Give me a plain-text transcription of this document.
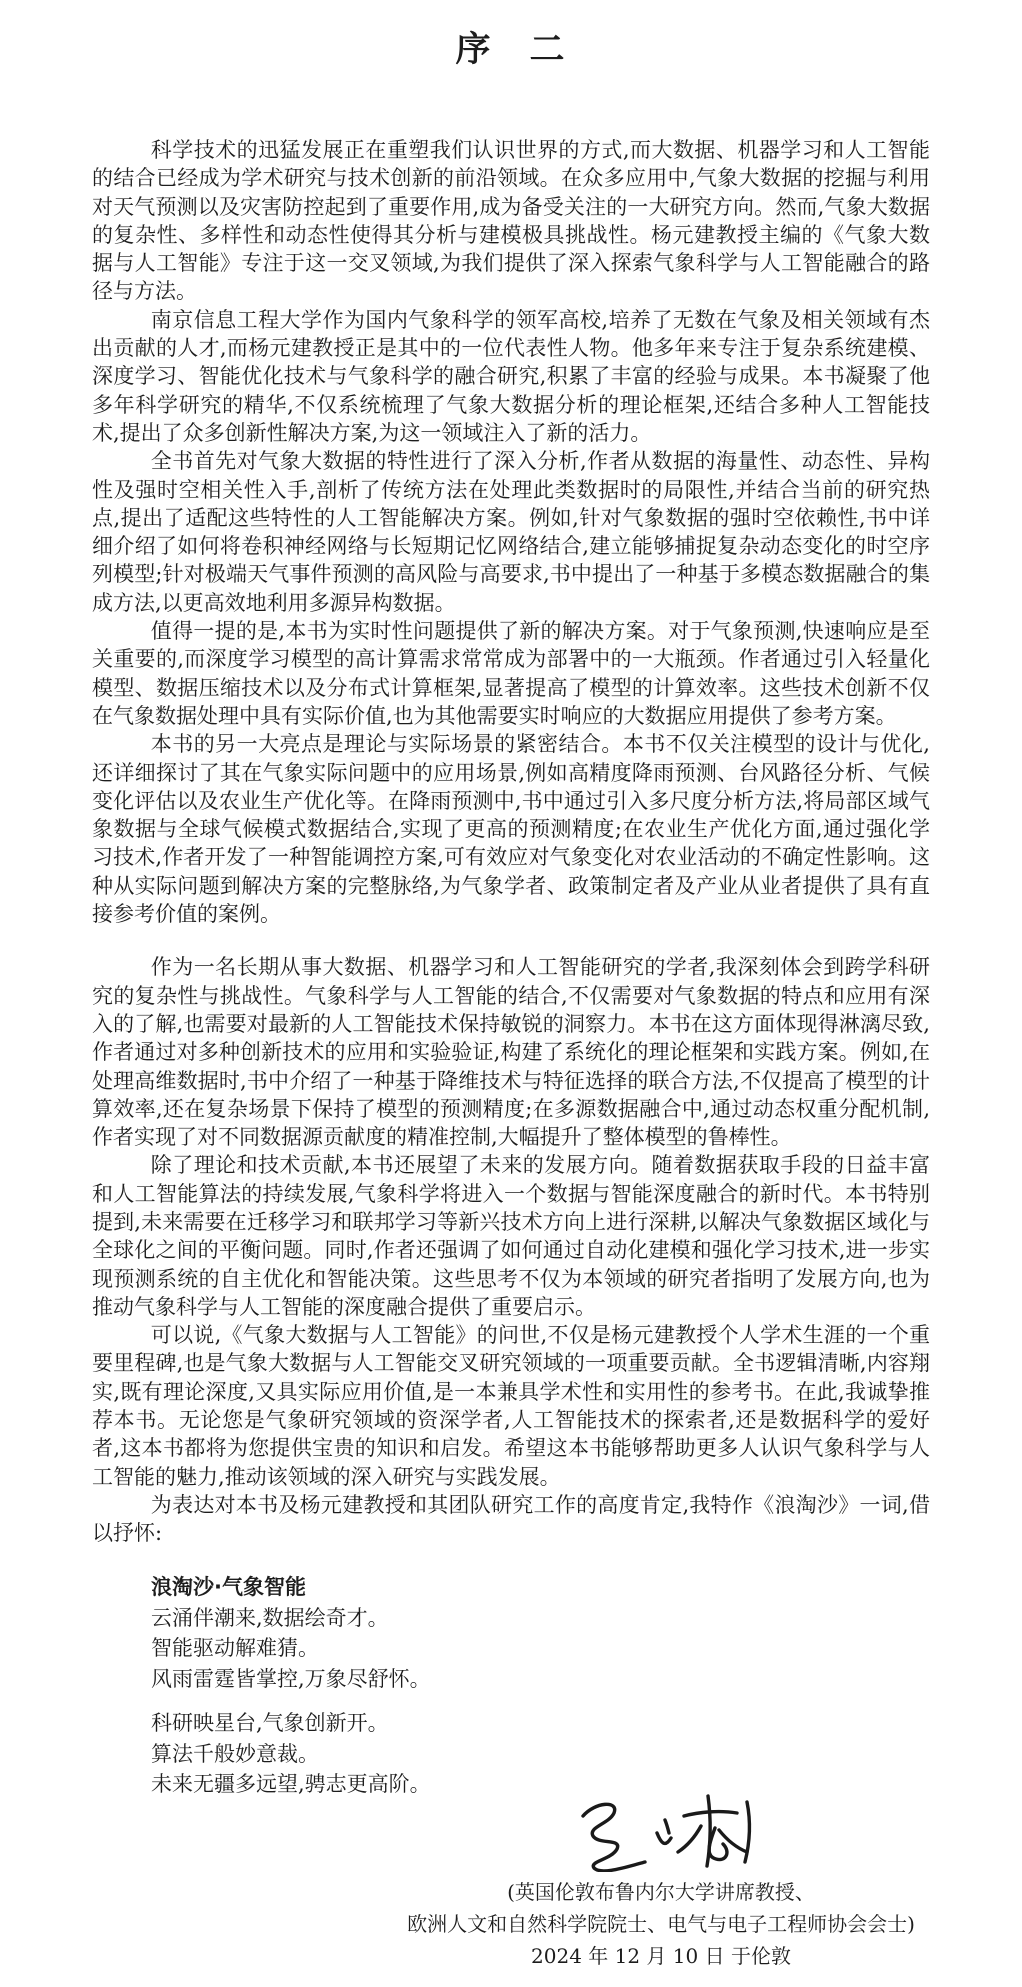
序　二

科学技术的迅猛发展正在重塑我们认识世界的方式,而大数据、机器学习和人工智能的结合已经成为学术研究与技术创新的前沿领域。在众多应用中,气象大数据的挖掘与利用对天气预测以及灾害防控起到了重要作用,成为备受关注的一大研究方向。然而,气象大数据的复杂性、多样性和动态性使得其分析与建模极具挑战性。杨元建教授主编的《气象大数据与人工智能》专注于这一交叉领域,为我们提供了深入探索气象科学与人工智能融合的路径与方法。

南京信息工程大学作为国内气象科学的领军高校,培养了无数在气象及相关领域有杰出贡献的人才,而杨元建教授正是其中的一位代表性人物。他多年来专注于复杂系统建模、深度学习、智能优化技术与气象科学的融合研究,积累了丰富的经验与成果。本书凝聚了他多年科学研究的精华,不仅系统梳理了气象大数据分析的理论框架,还结合多种人工智能技术,提出了众多创新性解决方案,为这一领域注入了新的活力。

全书首先对气象大数据的特性进行了深入分析,作者从数据的海量性、动态性、异构性及强时空相关性入手,剖析了传统方法在处理此类数据时的局限性,并结合当前的研究热点,提出了适配这些特性的人工智能解决方案。例如,针对气象数据的强时空依赖性,书中详细介绍了如何将卷积神经网络与长短期记忆网络结合,建立能够捕捉复杂动态变化的时空序列模型;针对极端天气事件预测的高风险与高要求,书中提出了一种基于多模态数据融合的集成方法,以更高效地利用多源异构数据。

值得一提的是,本书为实时性问题提供了新的解决方案。对于气象预测,快速响应是至关重要的,而深度学习模型的高计算需求常常成为部署中的一大瓶颈。作者通过引入轻量化模型、数据压缩技术以及分布式计算框架,显著提高了模型的计算效率。这些技术创新不仅在气象数据处理中具有实际价值,也为其他需要实时响应的大数据应用提供了参考方案。

本书的另一大亮点是理论与实际场景的紧密结合。本书不仅关注模型的设计与优化,还详细探讨了其在气象实际问题中的应用场景,例如高精度降雨预测、台风路径分析、气候变化评估以及农业生产优化等。在降雨预测中,书中通过引入多尺度分析方法,将局部区域气象数据与全球气候模式数据结合,实现了更高的预测精度;在农业生产优化方面,通过强化学习技术,作者开发了一种智能调控方案,可有效应对气象变化对农业活动的不确定性影响。这种从实际问题到解决方案的完整脉络,为气象学者、政策制定者及产业从业者提供了具有直接参考价值的案例。

作为一名长期从事大数据、机器学习和人工智能研究的学者,我深刻体会到跨学科研究的复杂性与挑战性。气象科学与人工智能的结合,不仅需要对气象数据的特点和应用有深入的了解,也需要对最新的人工智能技术保持敏锐的洞察力。本书在这方面体现得淋漓尽致,作者通过对多种创新技术的应用和实验验证,构建了系统化的理论框架和实践方案。例如,在处理高维数据时,书中介绍了一种基于降维技术与特征选择的联合方法,不仅提高了模型的计算效率,还在复杂场景下保持了模型的预测精度;在多源数据融合中,通过动态权重分配机制,作者实现了对不同数据源贡献度的精准控制,大幅提升了整体模型的鲁棒性。

除了理论和技术贡献,本书还展望了未来的发展方向。随着数据获取手段的日益丰富和人工智能算法的持续发展,气象科学将进入一个数据与智能深度融合的新时代。本书特别提到,未来需要在迁移学习和联邦学习等新兴技术方向上进行深耕,以解决气象数据区域化与全球化之间的平衡问题。同时,作者还强调了如何通过自动化建模和强化学习技术,进一步实现预测系统的自主优化和智能决策。这些思考不仅为本领域的研究者指明了发展方向,也为推动气象科学与人工智能的深度融合提供了重要启示。

可以说,《气象大数据与人工智能》的问世,不仅是杨元建教授个人学术生涯的一个重要里程碑,也是气象大数据与人工智能交叉研究领域的一项重要贡献。全书逻辑清晰,内容翔实,既有理论深度,又具实际应用价值,是一本兼具学术性和实用性的参考书。在此,我诚挚推荐本书。无论您是气象研究领域的资深学者,人工智能技术的探索者,还是数据科学的爱好者,这本书都将为您提供宝贵的知识和启发。希望这本书能够帮助更多人认识气象科学与人工智能的魅力,推动该领域的深入研究与实践发展。

为表达对本书及杨元建教授和其团队研究工作的高度肯定,我特作《浪淘沙》一词,借以抒怀:

浪淘沙·气象智能
云涌伴潮来,数据绘奇才。
智能驱动解难猜。
风雨雷霆皆掌控,万象尽舒怀。
科研映星台,气象创新开。
算法千般妙意裁。
未来无疆多远望,骋志更高阶。
(英国伦敦布鲁内尔大学讲席教授、
欧洲人文和自然科学院院士、电气与电子工程师协会会士)
2024 年 12 月 10 日 于伦敦
